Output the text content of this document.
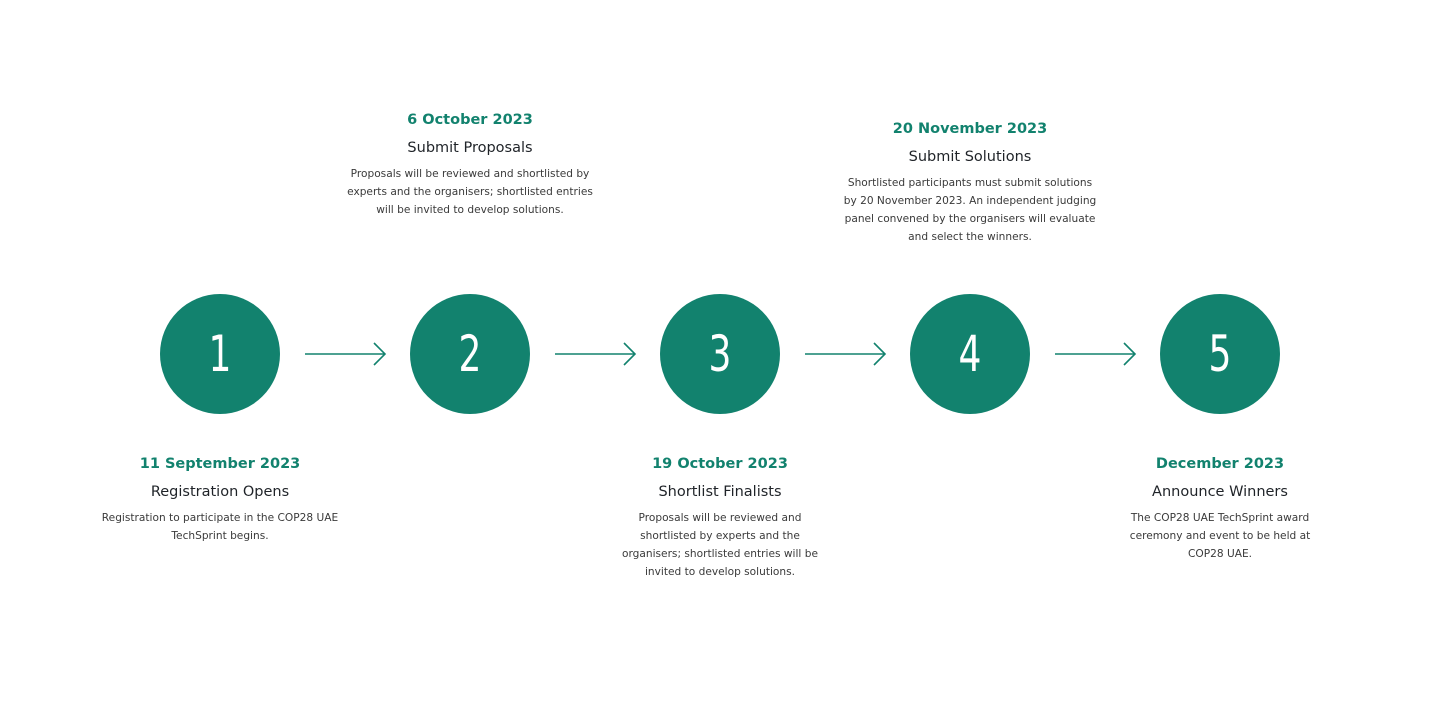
1	2	3	4	5
11 September 2023
Registration Opens
Registration to participate in the COP28 UAE TechSprint begins.
6 October 2023
Submit Proposals
Proposals will be reviewed and shortlisted by experts and the organisers; shortlisted entries will be invited to develop solutions.
19 October 2023
Shortlist Finalists
Proposals will be reviewed and shortlisted by experts and the organisers; shortlisted entries will be invited to develop solutions.
20 November 2023
Submit Solutions
Shortlisted participants must submit solutions by 20 November 2023. An independent judging panel convened by the organisers will evaluate and select the winners.
December 2023
Announce Winners
The COP28 UAE TechSprint award ceremony and event to be held at COP28 UAE.
